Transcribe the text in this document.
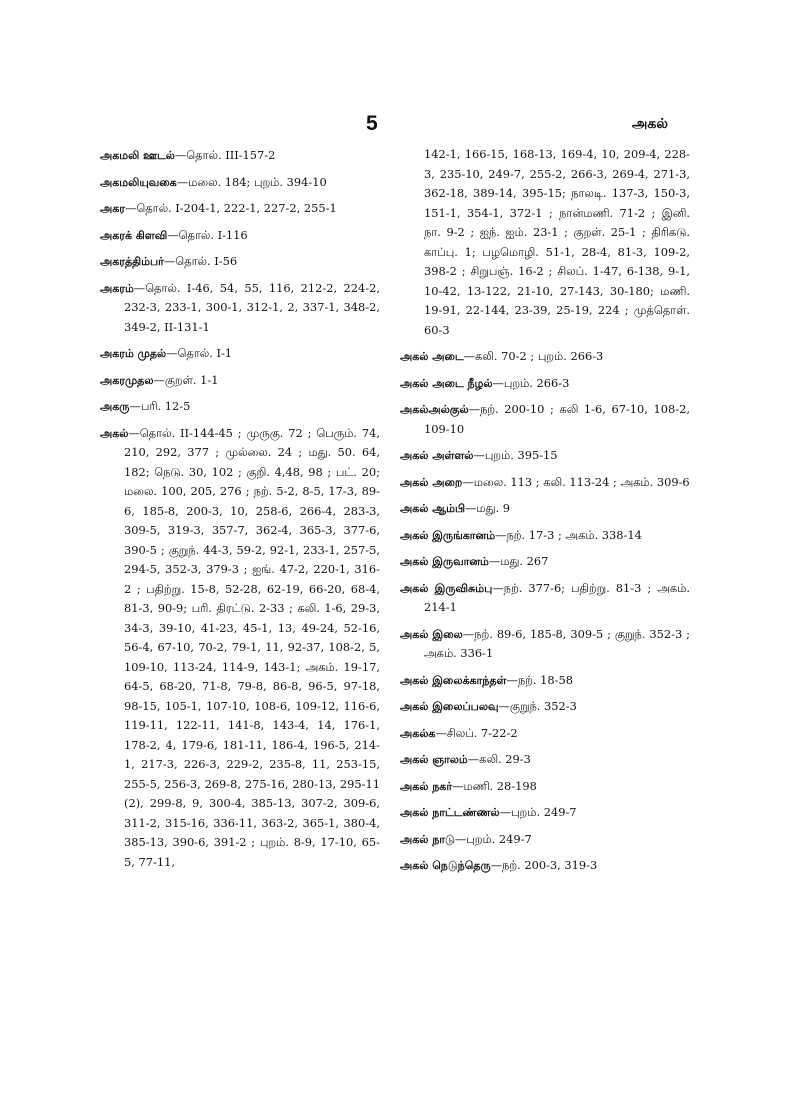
5	அகல்
அகமலி ஊடல்—தொல். III-157-2
அகமலியுவகை—மலை. 184; புறம். 394-10
அகர—தொல். I-204-1, 222-1, 227-2, 255-1
அகரக் கிளவி—தொல். I-116
அகரத்திம்பர்—தொல். I-56
அகரம்—தொல். I-46, 54, 55, 116, 212-2, 224-2, 232-3, 233-1, 300-1, 312-1, 2, 337-1, 348-2, 349-2, II-131-1
அகரம் முதல்—தொல். I-1
அகரமுதல—குறள். 1-1
அகரு—பரி. 12-5
அகல்—தொல். II-144-45 ; முருகு. 72 ; பெரும். 74, 210, 292, 377 ; முல்லை. 24 ; மது. 50. 64, 182; நெடு. 30, 102 ; குறி. 4,48, 98 ; பட். 20; மலை. 100, 205, 276 ; நற். 5-2, 8-5, 17-3, 89-6, 185-8, 200-3, 10, 258-6, 266-4, 283-3, 309-5, 319-3, 357-7, 362-4, 365-3, 377-6, 390-5 ; குறுந். 44-3, 59-2, 92-1, 233-1, 257-5, 294-5, 352-3, 379-3 ; ஐங். 47-2, 220-1, 316-2 ; பதிற்று. 15-8, 52-28, 62-19, 66-20, 68-4, 81-3, 90-9; பரி. திரட்டு. 2-33 ; கலி. 1-6, 29-3, 34-3, 39-10, 41-23, 45-1, 13, 49-24, 52-16, 56-4, 67-10, 70-2, 79-1, 11, 92-37, 108-2, 5, 109-10, 113-24, 114-9, 143-1; அகம். 19-17, 64-5, 68-20, 71-8, 79-8, 86-8, 96-5, 97-18, 98-15, 105-1, 107-10, 108-6, 109-12, 116-6, 119-11, 122-11, 141-8, 143-4, 14, 176-1, 178-2, 4, 179-6, 181-11, 186-4, 196-5, 214-1, 217-3, 226-3, 229-2, 235-8, 11, 253-15, 255-5, 256-3, 269-8, 275-16, 280-13, 295-11 (2), 299-8, 9, 300-4, 385-13, 307-2, 309-6, 311-2, 315-16, 336-11, 363-2, 365-1, 380-4, 385-13, 390-6, 391-2 ; புறம். 8-9, 17-10, 65-5, 77-11,
142-1, 166-15, 168-13, 169-4, 10, 209-4, 228-3, 235-10, 249-7, 255-2, 266-3, 269-4, 271-3, 362-18, 389-14, 395-15; நாலடி. 137-3, 150-3, 151-1, 354-1, 372-1 ; நான்மணி. 71-2 ; இனி. நா. 9-2 ; ஐந். ஐம். 23-1 ; குறள். 25-1 ; திரிகடு. காப்பு. 1; பழமொழி. 51-1, 28-4, 81-3, 109-2, 398-2 ; சிறுபஞ். 16-2 ; சிலப். 1-47, 6-138, 9-1, 10-42, 13-122, 21-10, 27-143, 30-180; மணி. 19-91, 22-144, 23-39, 25-19, 224 ; முத்தொள். 60-3
அகல் அடை—கலி. 70-2 ; புறம். 266-3
அகல் அடை நீழல்—புறம். 266-3
அகல்அல்குல்—நற். 200-10 ; கலி 1-6, 67-10, 108-2, 109-10
அகல் அள்ளல்—புறம். 395-15
அகல் அறை—மலை. 113 ; கலி. 113-24 ; அகம். 309-6
அகல் ஆம்பி—மது. 9
அகல் இருங்கானம்—நற். 17-3 ; அகம். 338-14
அகல் இருவானம்—மது. 267
அகல் இருவிசும்பு—நற். 377-6; பதிற்று. 81-3 ; அகம். 214-1
அகல் இலை—நற். 89-6, 185-8, 309-5 ; குறுந். 352-3 ; அகம். 336-1
அகல் இலைக்காந்தள்—நற். 18-58
அகல் இலைப்பலவு—குறுந். 352-3
அகல்க—சிலப். 7-22-2
அகல் ஞாலம்—கலி. 29-3
அகல் நகர்—மணி. 28-198
அகல் நாட்டண்ணல்—புறம். 249-7
அகல் நாடு—புறம். 249-7
அகல் நெடுந்தெரு—நற். 200-3, 319-3
